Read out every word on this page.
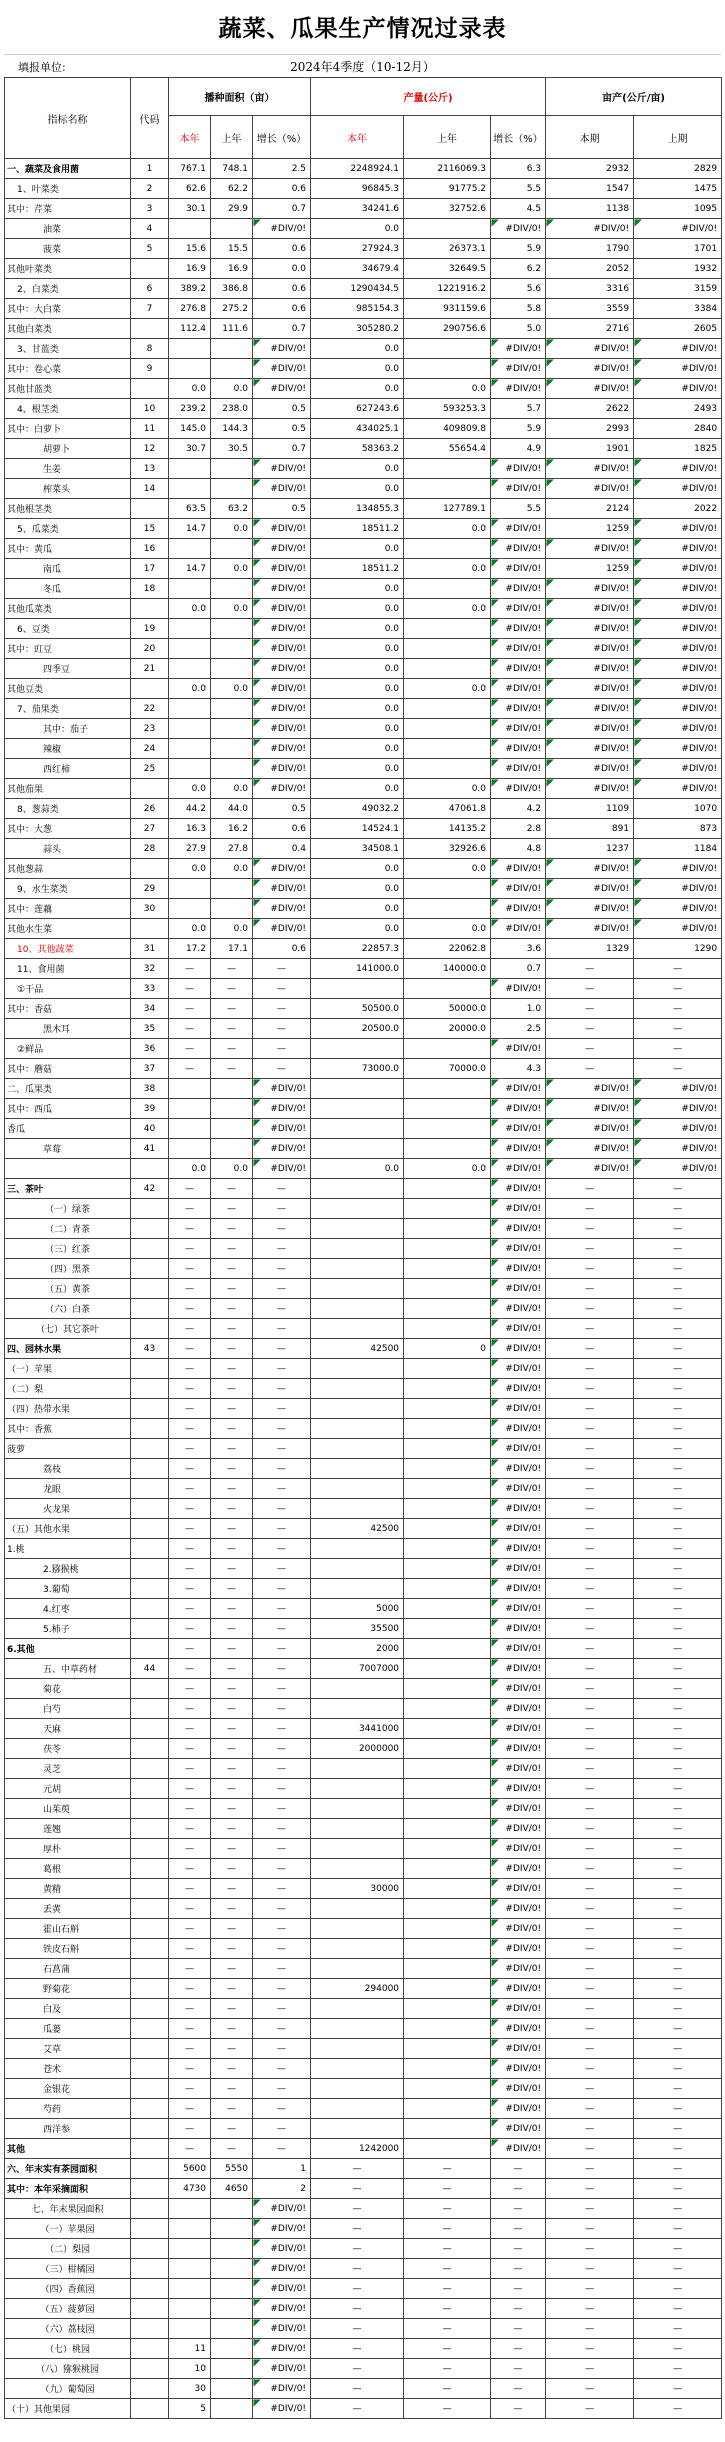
蔬菜、瓜果生产情况过录表
填报单位:	2024年4季度（10-12月）
指标名称	代码	播种面积（亩）			产量(公斤)			亩产(公斤/亩)	
		本年	上年	增长（%）	本年	上年	增长（%）	本期	上期
一、蔬菜及食用菌	1	767.1	748.1	2.5	2248924.1	2116069.3	6.3	2932	2829
1、叶菜类	2	62.6	62.2	0.6	96845.3	91775.2	5.5	1547	1475
其中：芹菜	3	30.1	29.9	0.7	34241.6	32752.6	4.5	1138	1095
油菜	4			#DIV/0!	0.0		#DIV/0!	#DIV/0!	#DIV/0!
菠菜	5	15.6	15.5	0.6	27924.3	26373.1	5.9	1790	1701
其他叶菜类		16.9	16.9	0.0	34679.4	32649.5	6.2	2052	1932
2、白菜类	6	389.2	386.8	0.6	1290434.5	1221916.2	5.6	3316	3159
其中：大白菜	7	276.8	275.2	0.6	985154.3	931159.6	5.8	3559	3384
其他白菜类		112.4	111.6	0.7	305280.2	290756.6	5.0	2716	2605
3、甘蓝类	8			#DIV/0!	0.0		#DIV/0!	#DIV/0!	#DIV/0!
其中：卷心菜	9			#DIV/0!	0.0		#DIV/0!	#DIV/0!	#DIV/0!
其他甘蓝类		0.0	0.0	#DIV/0!	0.0	0.0	#DIV/0!	#DIV/0!	#DIV/0!
4、根茎类	10	239.2	238.0	0.5	627243.6	593253.3	5.7	2622	2493
其中：白萝卜	11	145.0	144.3	0.5	434025.1	409809.8	5.9	2993	2840
胡萝卜	12	30.7	30.5	0.7	58363.2	55654.4	4.9	1901	1825
生姜	13			#DIV/0!	0.0		#DIV/0!	#DIV/0!	#DIV/0!
榨菜头	14			#DIV/0!	0.0		#DIV/0!	#DIV/0!	#DIV/0!
其他根茎类		63.5	63.2	0.5	134855.3	127789.1	5.5	2124	2022
5、瓜菜类	15	14.7	0.0	#DIV/0!	18511.2	0.0	#DIV/0!	1259	#DIV/0!
其中：黄瓜	16			#DIV/0!	0.0		#DIV/0!	#DIV/0!	#DIV/0!
南瓜	17	14.7	0.0	#DIV/0!	18511.2	0.0	#DIV/0!	1259	#DIV/0!
冬瓜	18			#DIV/0!	0.0		#DIV/0!	#DIV/0!	#DIV/0!
其他瓜菜类		0.0	0.0	#DIV/0!	0.0	0.0	#DIV/0!	#DIV/0!	#DIV/0!
6、豆类	19			#DIV/0!	0.0		#DIV/0!	#DIV/0!	#DIV/0!
其中：豇豆	20			#DIV/0!	0.0		#DIV/0!	#DIV/0!	#DIV/0!
四季豆	21			#DIV/0!	0.0		#DIV/0!	#DIV/0!	#DIV/0!
其他豆类		0.0	0.0	#DIV/0!	0.0	0.0	#DIV/0!	#DIV/0!	#DIV/0!
7、茄果类	22			#DIV/0!	0.0		#DIV/0!	#DIV/0!	#DIV/0!
其中：茄子	23			#DIV/0!	0.0		#DIV/0!	#DIV/0!	#DIV/0!
辣椒	24			#DIV/0!	0.0		#DIV/0!	#DIV/0!	#DIV/0!
西红柿	25			#DIV/0!	0.0		#DIV/0!	#DIV/0!	#DIV/0!
其他茄果		0.0	0.0	#DIV/0!	0.0	0.0	#DIV/0!	#DIV/0!	#DIV/0!
8、葱蒜类	26	44.2	44.0	0.5	49032.2	47061.8	4.2	1109	1070
其中：大葱	27	16.3	16.2	0.6	14524.1	14135.2	2.8	891	873
蒜头	28	27.9	27.8	0.4	34508.1	32926.6	4.8	1237	1184
其他葱蒜		0.0	0.0	#DIV/0!	0.0	0.0	#DIV/0!	#DIV/0!	#DIV/0!
9、水生菜类	29			#DIV/0!	0.0		#DIV/0!	#DIV/0!	#DIV/0!
其中：莲藕	30			#DIV/0!	0.0		#DIV/0!	#DIV/0!	#DIV/0!
其他水生菜		0.0	0.0	#DIV/0!	0.0	0.0	#DIV/0!	#DIV/0!	#DIV/0!
10、其他蔬菜	31	17.2	17.1	0.6	22857.3	22062.8	3.6	1329	1290
11、食用菌	32	—	—	—	141000.0	140000.0	0.7	—	—
①干品	33	—	—	—			#DIV/0!	—	—
其中：香菇	34	—	—	—	50500.0	50000.0	1.0	—	—
黑木耳	35	—	—	—	20500.0	20000.0	2.5	—	—
②鲜品	36	—	—	—			#DIV/0!	—	—
其中：蘑菇	37	—	—	—	73000.0	70000.0	4.3	—	—
二、瓜果类	38			#DIV/0!			#DIV/0!	#DIV/0!	#DIV/0!
其中：西瓜	39			#DIV/0!			#DIV/0!	#DIV/0!	#DIV/0!
香瓜	40			#DIV/0!			#DIV/0!	#DIV/0!	#DIV/0!
草莓	41			#DIV/0!			#DIV/0!	#DIV/0!	#DIV/0!
		0.0	0.0	#DIV/0!	0.0	0.0	#DIV/0!	#DIV/0!	#DIV/0!
三、茶叶	42	—	—	—			#DIV/0!	—	—
（一）绿茶		—	—	—			#DIV/0!	—	—
（二）青茶		—	—	—			#DIV/0!	—	—
（三）红茶		—	—	—			#DIV/0!	—	—
（四）黑茶		—	—	—			#DIV/0!	—	—
（五）黄茶		—	—	—			#DIV/0!	—	—
（六）白茶		—	—	—			#DIV/0!	—	—
（七）其它茶叶		—	—	—			#DIV/0!	—	—
四、园林水果	43	—	—	—	42500	0	#DIV/0!	—	—
（一）苹果		—	—	—			#DIV/0!	—	—
（二）梨		—	—	—			#DIV/0!	—	—
（四）热带水果		—	—	—			#DIV/0!	—	—
其中：香蕉		—	—	—			#DIV/0!	—	—
菠萝		—	—	—			#DIV/0!	—	—
荔枝		—	—	—			#DIV/0!	—	—
龙眼		—	—	—			#DIV/0!	—	—
火龙果		—	—	—			#DIV/0!	—	—
（五）其他水果		—	—	—	42500		#DIV/0!	—	—
1.桃		—	—	—			#DIV/0!	—	—
2.猕猴桃		—	—	—			#DIV/0!	—	—
3.葡萄		—	—	—			#DIV/0!	—	—
4.红枣		—	—	—	5000		#DIV/0!	—	—
5.柿子		—	—	—	35500		#DIV/0!	—	—
6.其他		—	—	—	2000		#DIV/0!	—	—
五、中草药材	44	—	—	—	7007000		#DIV/0!	—	—
菊花		—	—	—			#DIV/0!	—	—
白芍		—	—	—			#DIV/0!	—	—
天麻		—	—	—	3441000		#DIV/0!	—	—
茯苓		—	—	—	2000000		#DIV/0!	—	—
灵芝		—	—	—			#DIV/0!	—	—
元胡		—	—	—			#DIV/0!	—	—
山茱萸		—	—	—			#DIV/0!	—	—
莲翘		—	—	—			#DIV/0!	—	—
厚朴		—	—	—			#DIV/0!	—	—
葛根		—	—	—			#DIV/0!	—	—
黄精		—	—	—	30000		#DIV/0!	—	—
丢黄		—	—	—			#DIV/0!	—	—
霍山石斛		—	—	—			#DIV/0!	—	—
铁皮石斛		—	—	—			#DIV/0!	—	—
石菖蒲		—	—	—			#DIV/0!	—	—
野菊花		—	—	—	294000		#DIV/0!	—	—
白及		—	—	—			#DIV/0!	—	—
瓜蒌		—	—	—			#DIV/0!	—	—
艾草		—	—	—			#DIV/0!	—	—
苍术		—	—	—			#DIV/0!	—	—
金银花		—	—	—			#DIV/0!	—	—
芍药		—	—	—			#DIV/0!	—	—
西洋参		—	—	—			#DIV/0!	—	—
其他		—	—	—	1242000		#DIV/0!	—	—
六、年末实有茶园面积		5600	5550	1	—	—	—	—	—
其中：本年采摘面积		4730	4650	2	—	—	—	—	—
七、年末果园面积				#DIV/0!	—	—	—	—	—
（一）苹果园				#DIV/0!	—	—	—	—	—
（二）梨园				#DIV/0!	—	—	—	—	—
（三）柑橘园				#DIV/0!	—	—	—	—	—
（四）香蕉园				#DIV/0!	—	—	—	—	—
（五）菠萝园				#DIV/0!	—	—	—	—	—
（六）荔枝园				#DIV/0!	—	—	—	—	—
（七）桃园		11		#DIV/0!	—	—	—	—	—
（八）猕猴桃园		10		#DIV/0!	—	—	—	—	—
（九）葡萄园		30		#DIV/0!	—	—	—	—	—
（十）其他果园		5		#DIV/0!	—	—	—	—	—
